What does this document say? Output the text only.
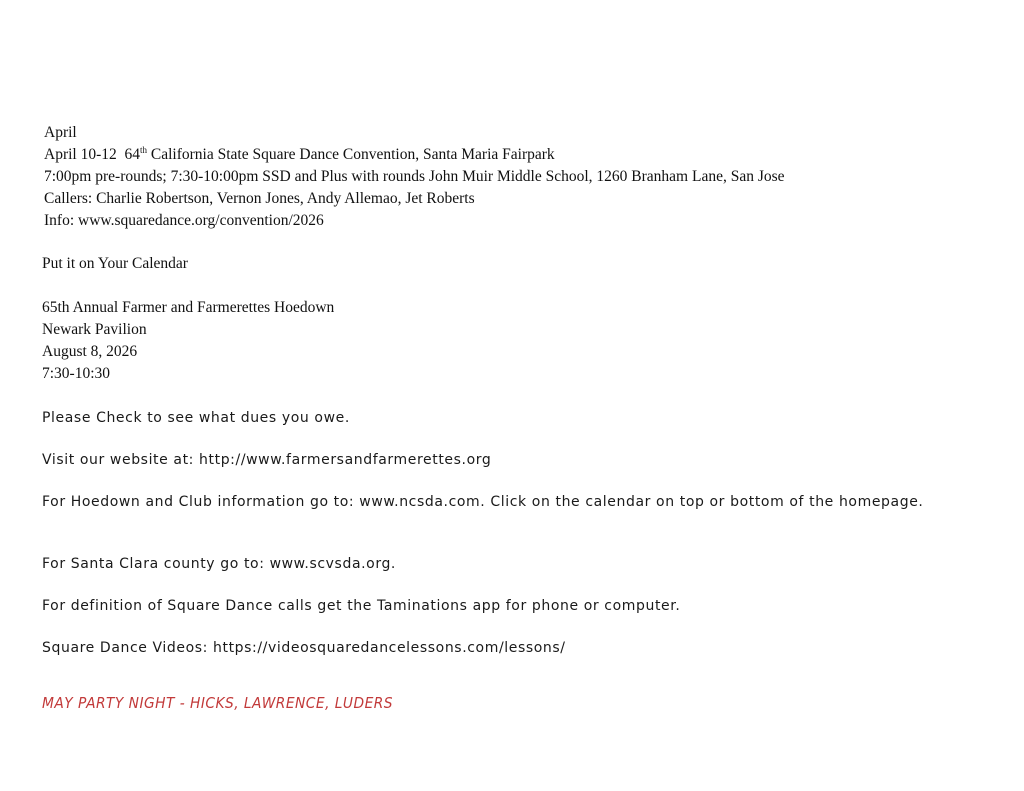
April
April 10-12 64th California State Square Dance Convention, Santa Maria Fairpark
7:00pm pre-rounds; 7:30-10:00pm SSD and Plus with rounds John Muir Middle School, 1260 Branham Lane, San Jose
Callers: Charlie Robertson, Vernon Jones, Andy Allemao, Jet Roberts
Info: www.squaredance.org/convention/2026
Put it on Your Calendar
65th Annual Farmer and Farmerettes Hoedown
Newark Pavilion
August 8, 2026
7:30-10:30
Please Check to see what dues you owe.
Visit our website at: http://www.farmersandfarmerettes.org
For Hoedown and Club information go to: www.ncsda.com. Click on the calendar on top or bottom of the homepage.
For Santa Clara county go to: www.scvsda.org.
For definition of Square Dance calls get the Taminations app for phone or computer.
Square Dance Videos: https://videosquaredancelessons.com/lessons/
MAY PARTY NIGHT - HICKS, LAWRENCE, LUDERS
